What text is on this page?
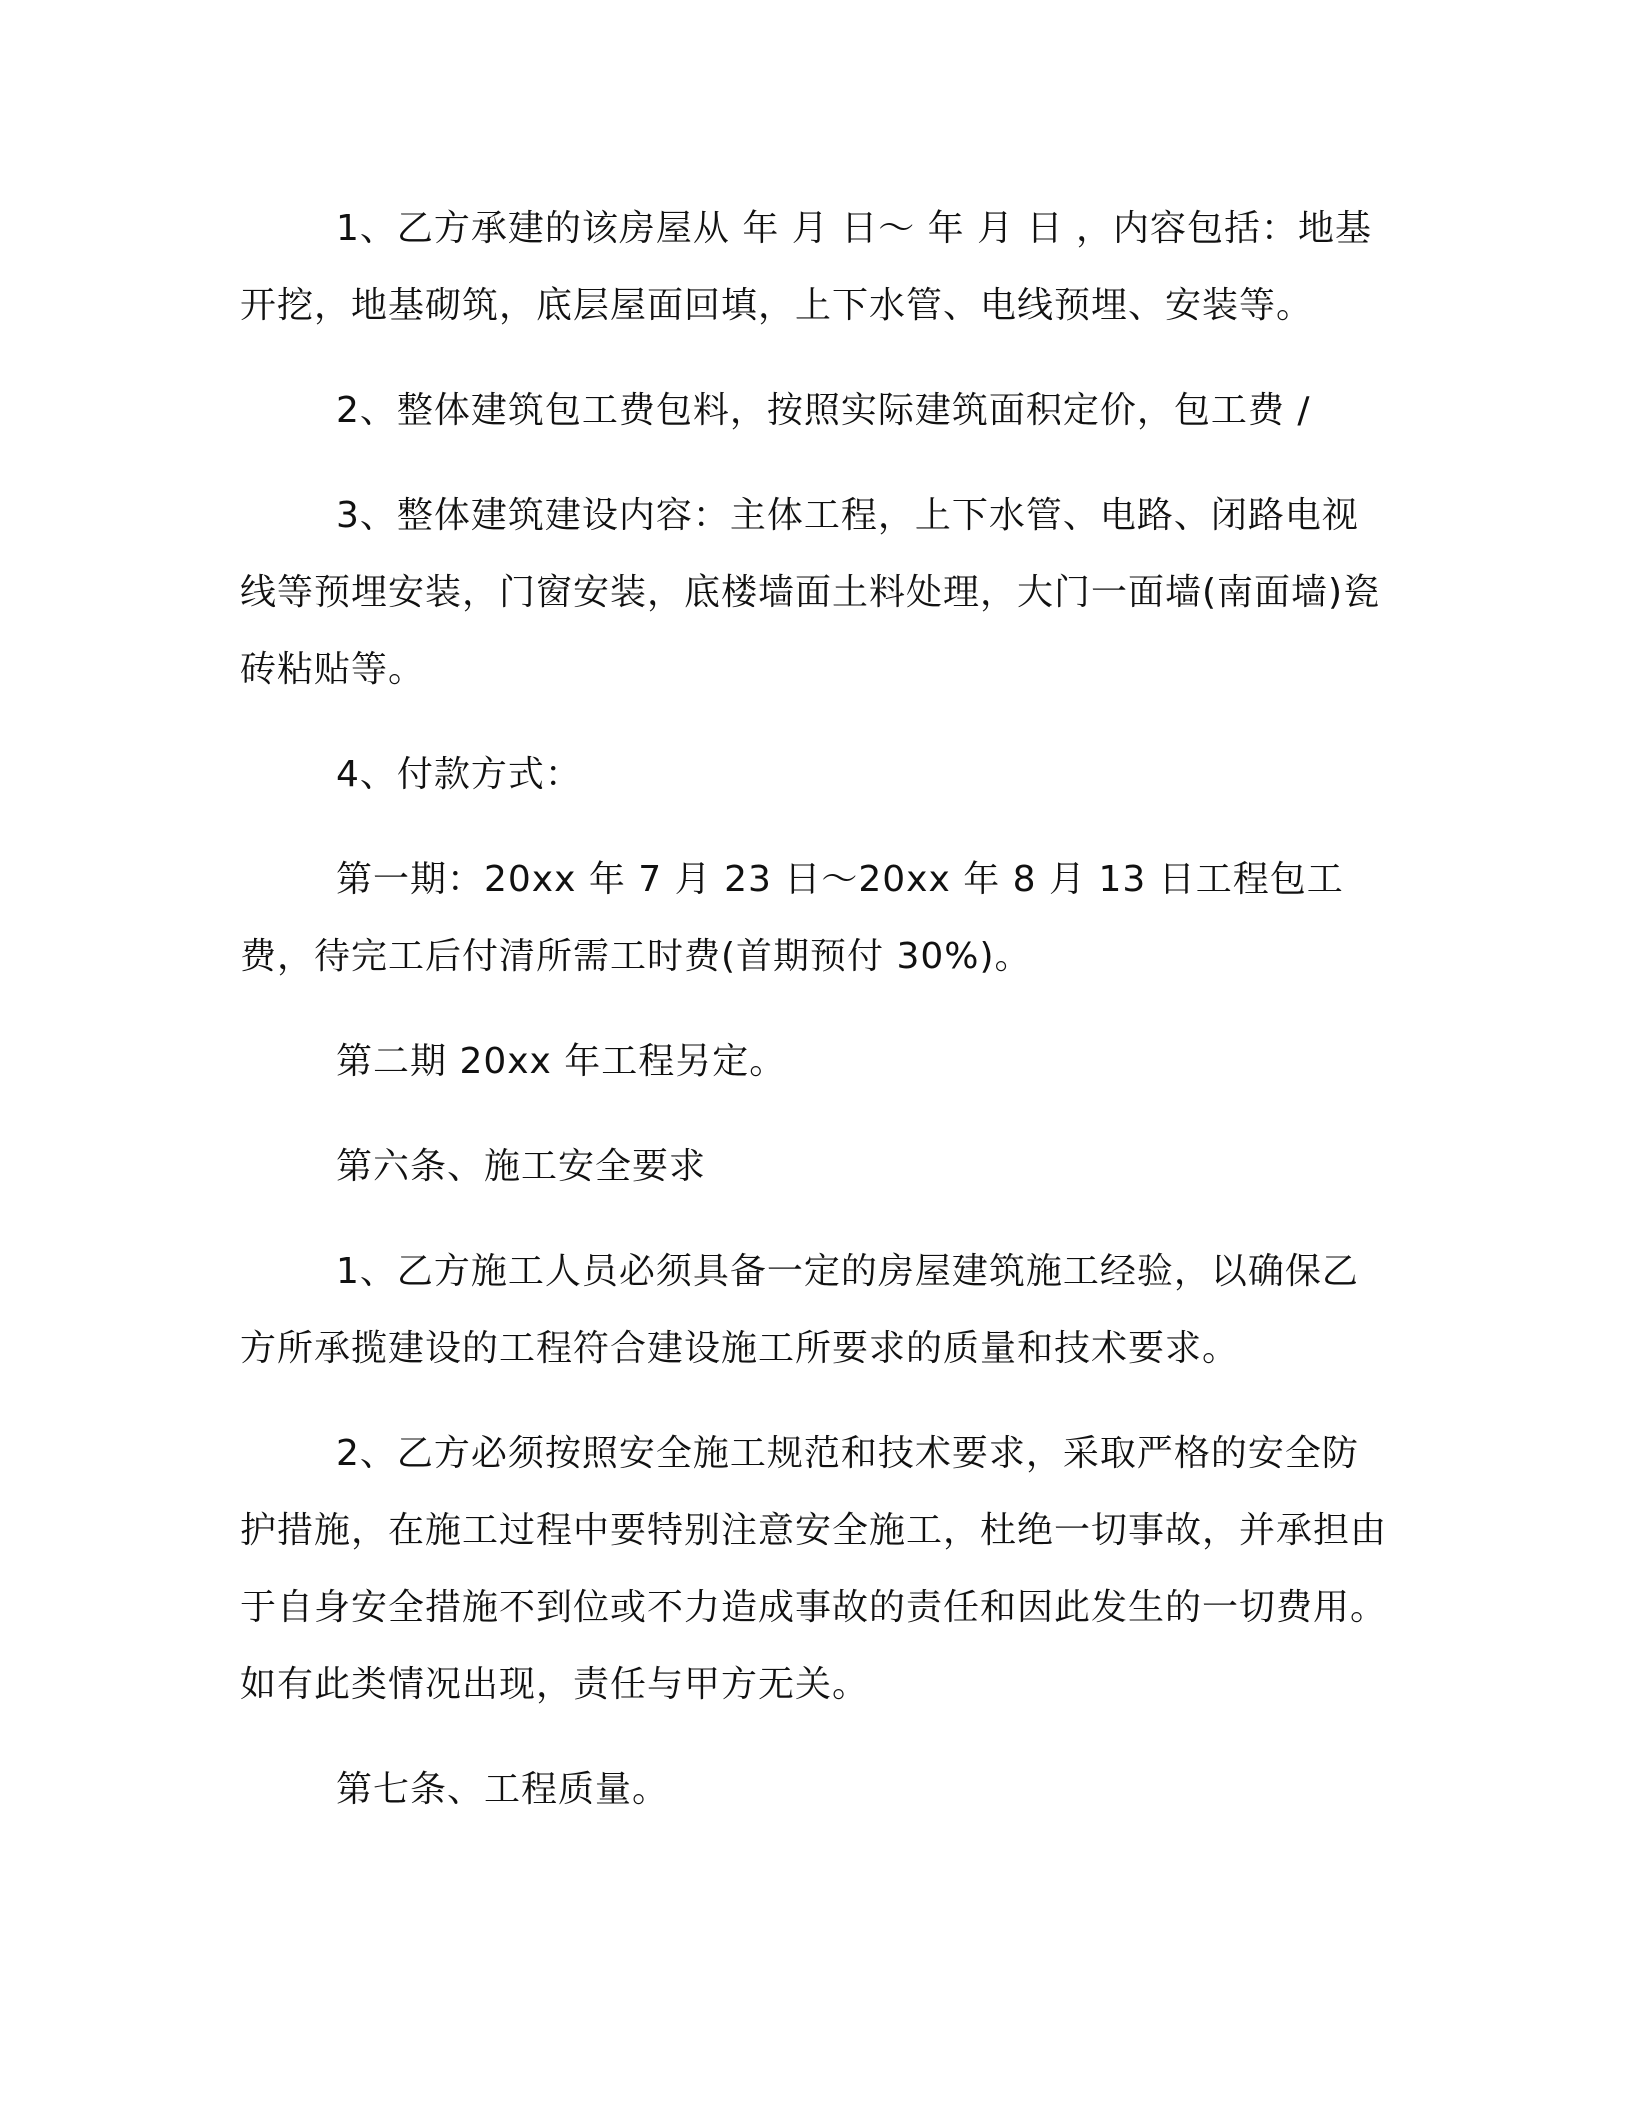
1、乙方承建的该房屋从 年 月 日～ 年 月 日 ，内容包括：地基开挖，地基砌筑，底层屋面回填，上下水管、电线预埋、安装等。

2、整体建筑包工费包料，按照实际建筑面积定价，包工费 /

3、整体建筑建设内容：主体工程，上下水管、电路、闭路电视线等预埋安装，门窗安装，底楼墙面土料处理，大门一面墙(南面墙)瓷砖粘贴等。

4、付款方式：

第一期：20xx 年 7 月 23 日～20xx 年 8 月 13 日工程包工费，待完工后付清所需工时费(首期预付 30%)。

第二期 20xx 年工程另定。

第六条、施工安全要求

1、乙方施工人员必须具备一定的房屋建筑施工经验，以确保乙方所承揽建设的工程符合建设施工所要求的质量和技术要求。

2、乙方必须按照安全施工规范和技术要求，采取严格的安全防护措施，在施工过程中要特别注意安全施工，杜绝一切事故，并承担由于自身安全措施不到位或不力造成事故的责任和因此发生的一切费用。如有此类情况出现，责任与甲方无关。

第七条、工程质量。
